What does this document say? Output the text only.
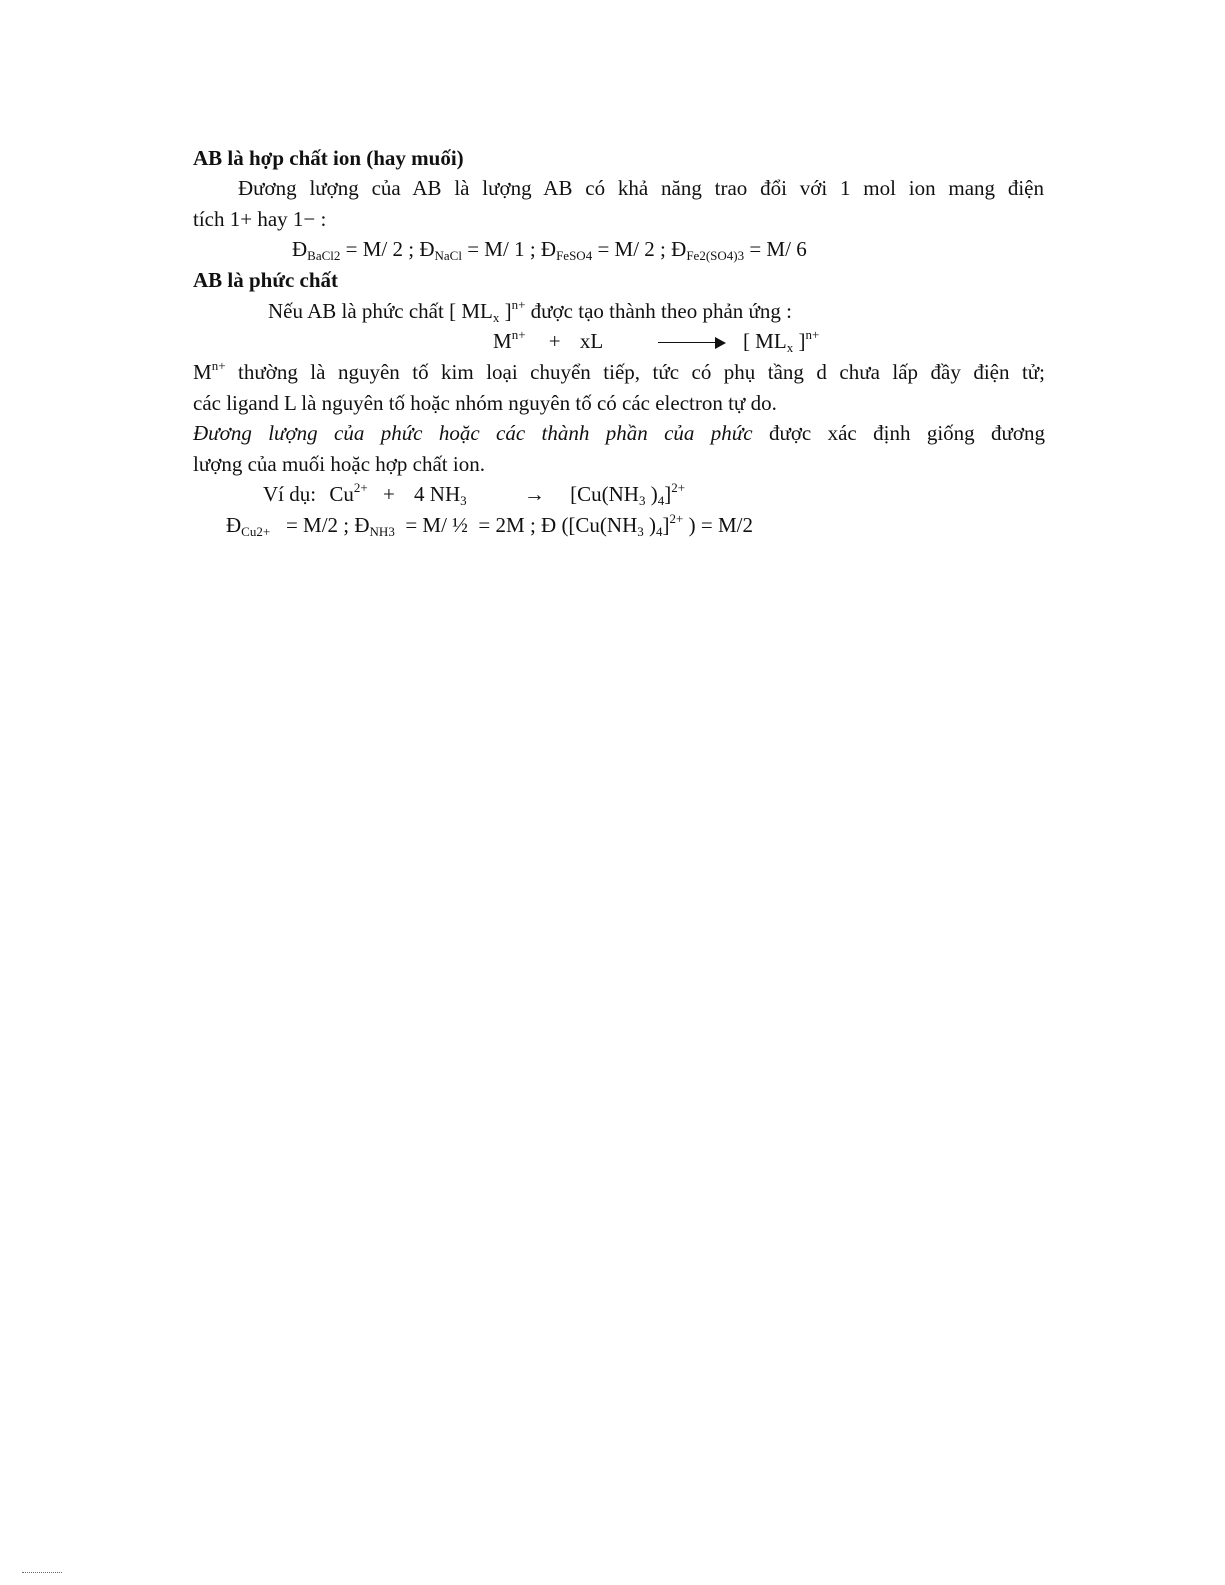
AB là hợp chất ion (hay muối)
Đương lượng của AB là lượng AB có khả năng trao đổi với 1 mol ion mang điện
tích 1+ hay 1− :
$Đ_{BaCl2} = M/$ 2 ; $Đ_{NaCl} = M/$ 1 ; $Đ_{FeSO4} = M/$ 2 ; $Đ_{Fe2(SO4)3} = M/$ 6
AB là phức chất
Nếu AB là phức chất [ $ML_x$ ]$^{n+}$ được tạo thành theo phản ứng :
$M^{n+}$ + xL	[ $ML_x$ ]$^{n+}$
$M^{n+}$ thường là nguyên tố kim loại chuyển tiếp, tức có phụ tầng d chưa lấp đầy điện tử;
các ligand L là nguyên tố hoặc nhóm nguyên tố có các electron tự do.
Đương lượng của phức hoặc các thành phần của phức được xác định giống đương
lượng của muối hoặc hợp chất ion.
Ví dụ: $Cu^{2+} + 4$ $NH_3$	→ [$Cu(NH_3$ )$_4]^{2+}$
$Đ_{Cu2+} = M/2$ ; $Đ_{NH3} = M/$ ½  = 2M ; Đ ([$Cu(NH_3$ )$_4]^{2+}$ ) = M/2
